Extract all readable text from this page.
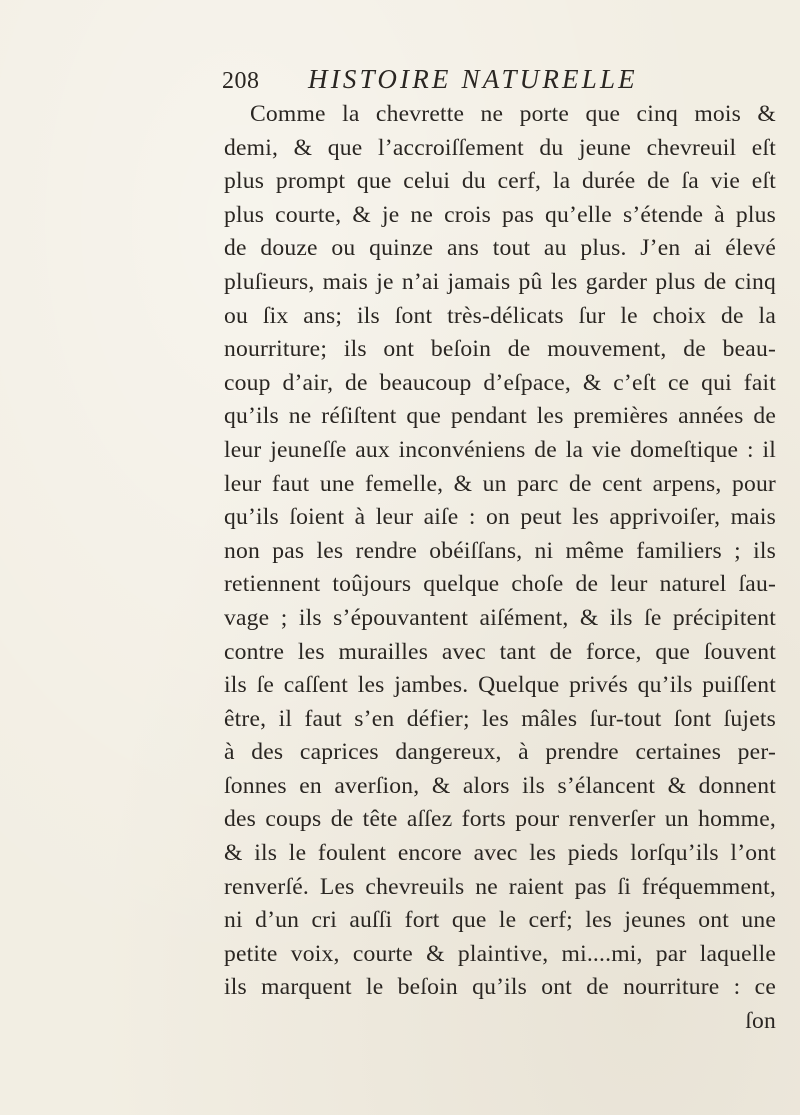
208 HISTOIRE NATURELLE
Comme la chevrette ne porte que cinq mois &
demi, & que l’accroiſſement du jeune chevreuil eſt
plus prompt que celui du cerf, la durée de ſa vie eſt
plus courte, & je ne crois pas qu’elle s’étende à plus
de douze ou quinze ans tout au plus. J’en ai élevé
pluſieurs, mais je n’ai jamais pû les garder plus de cinq
ou ſix ans; ils ſont très-délicats ſur le choix de la
nourriture; ils ont beſoin de mouvement, de beau-
coup d’air, de beaucoup d’eſpace, & c’eſt ce qui fait
qu’ils ne réſiſtent que pendant les premières années de
leur jeuneſſe aux inconvéniens de la vie domeſtique : il
leur faut une femelle, & un parc de cent arpens, pour
qu’ils ſoient à leur aiſe : on peut les apprivoiſer, mais
non pas les rendre obéiſſans, ni même familiers ; ils
retiennent toûjours quelque choſe de leur naturel ſau-
vage ; ils s’épouvantent aiſément, & ils ſe précipitent
contre les murailles avec tant de force, que ſouvent
ils ſe caſſent les jambes. Quelque privés qu’ils puiſſent
être, il faut s’en défier; les mâles ſur-tout ſont ſujets
à des caprices dangereux, à prendre certaines per-
ſonnes en averſion, & alors ils s’élancent & donnent
des coups de tête aſſez forts pour renverſer un homme,
& ils le foulent encore avec les pieds lorſqu’ils l’ont
renverſé. Les chevreuils ne raient pas ſi fréquemment,
ni d’un cri auſſi fort que le cerf; les jeunes ont une
petite voix, courte & plaintive, mi....mi, par laquelle
ils marquent le beſoin qu’ils ont de nourriture : ce
ſon
